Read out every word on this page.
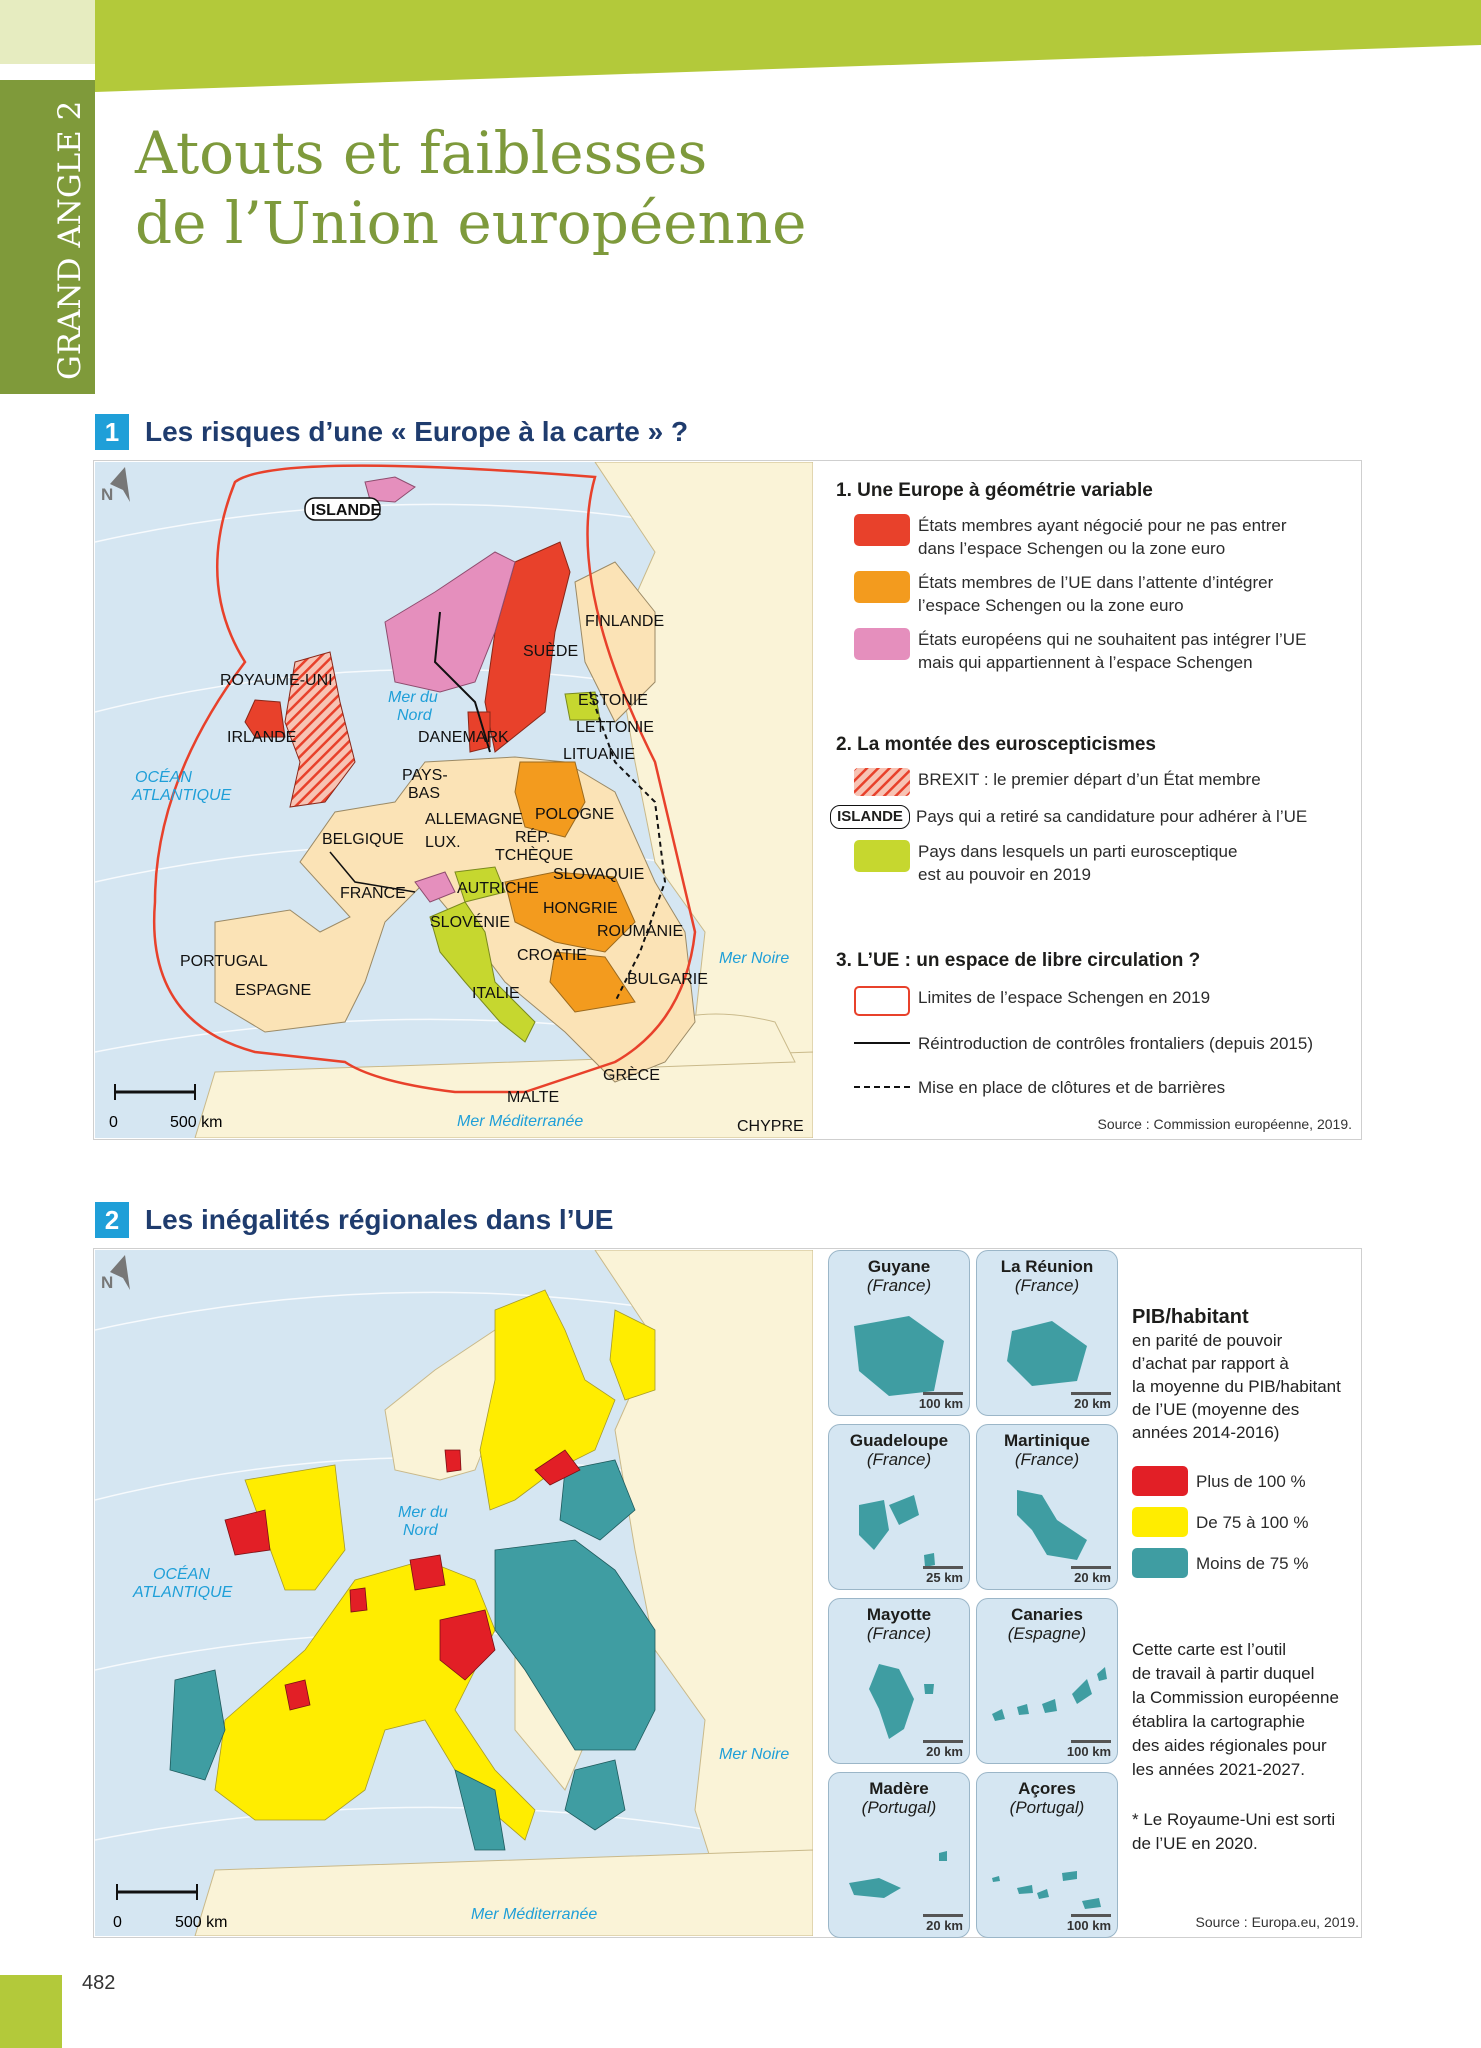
GRAND ANGLE 2 Atouts et faiblesses
de l’Union européenne
1 Les risques d’une « Europe à la carte » ?
N
0	500 km
ISLANDE
FINLANDE
SUÈDE
ROYAUME-UNI
IRLANDE
Mer du
Nord
DANEMARK
ESTONIE
LETTONIE
LITUANIE
OCÉAN
ATLANTIQUE
PAYS-
BAS
POLOGNE
ALLEMAGNE
BELGIQUE LUX.	RÉP.
TCHÈQUE
SLOVAQUIE
FRANCE	AUTRICHE
HONGRIE
SLOVÉNIE
ROUMANIE
PORTUGAL	CROATIE	Mer Noire
ESPAGNE	ITALIE
BULGARIE
GRÈCE
MALTE
Mer Méditerranée	CHYPRE
1. Une Europe à géométrie variable
États membres ayant négocié pour ne pas entrer
dans l’espace Schengen ou la zone euro
États membres de l’UE dans l’attente d’intégrer
l’espace Schengen ou la zone euro
États européens qui ne souhaitent pas intégrer l’UE
mais qui appartiennent à l’espace Schengen
2. La montée des euroscepticismes
BREXIT : le premier départ d’un État membre
ISLANDE Pays qui a retiré sa candidature pour adhérer à l’UE
Pays dans lesquels un parti eurosceptique
est au pouvoir en 2019
3. L’UE : un espace de libre circulation ?
Limites de l’espace Schengen en 2019
Réintroduction de contrôles frontaliers (depuis 2015)
Mise en place de clôtures et de barrières
Source : Commission européenne, 2019.
2 Les inégalités régionales dans l’UE
N
0	500 km
Mer du
Nord
OCÉAN
ATLANTIQUE
Mer Noire
Mer Méditerranée
Guyane
(France)
100 km
La Réunion
(France)
20 km
Guadeloupe
(France)
25 km
Martinique
(France)
20 km
Mayotte
(France)
20 km
Canaries
(Espagne)
100 km
Madère
(Portugal)
20 km
Açores
(Portugal)
100 km
PIB/habitant
en parité de pouvoir
d’achat par rapport à
la moyenne du PIB/habitant
de l’UE (moyenne des
années 2014-2016)
Plus de 100 %
De 75 à 100 %
Moins de 75 %
Cette carte est l’outil
de travail à partir duquel
la Commission européenne
établira la cartographie
des aides régionales pour
les années 2021-2027.
* Le Royaume-Uni est sorti
de l’UE en 2020.
Source : Europa.eu, 2019.
482
